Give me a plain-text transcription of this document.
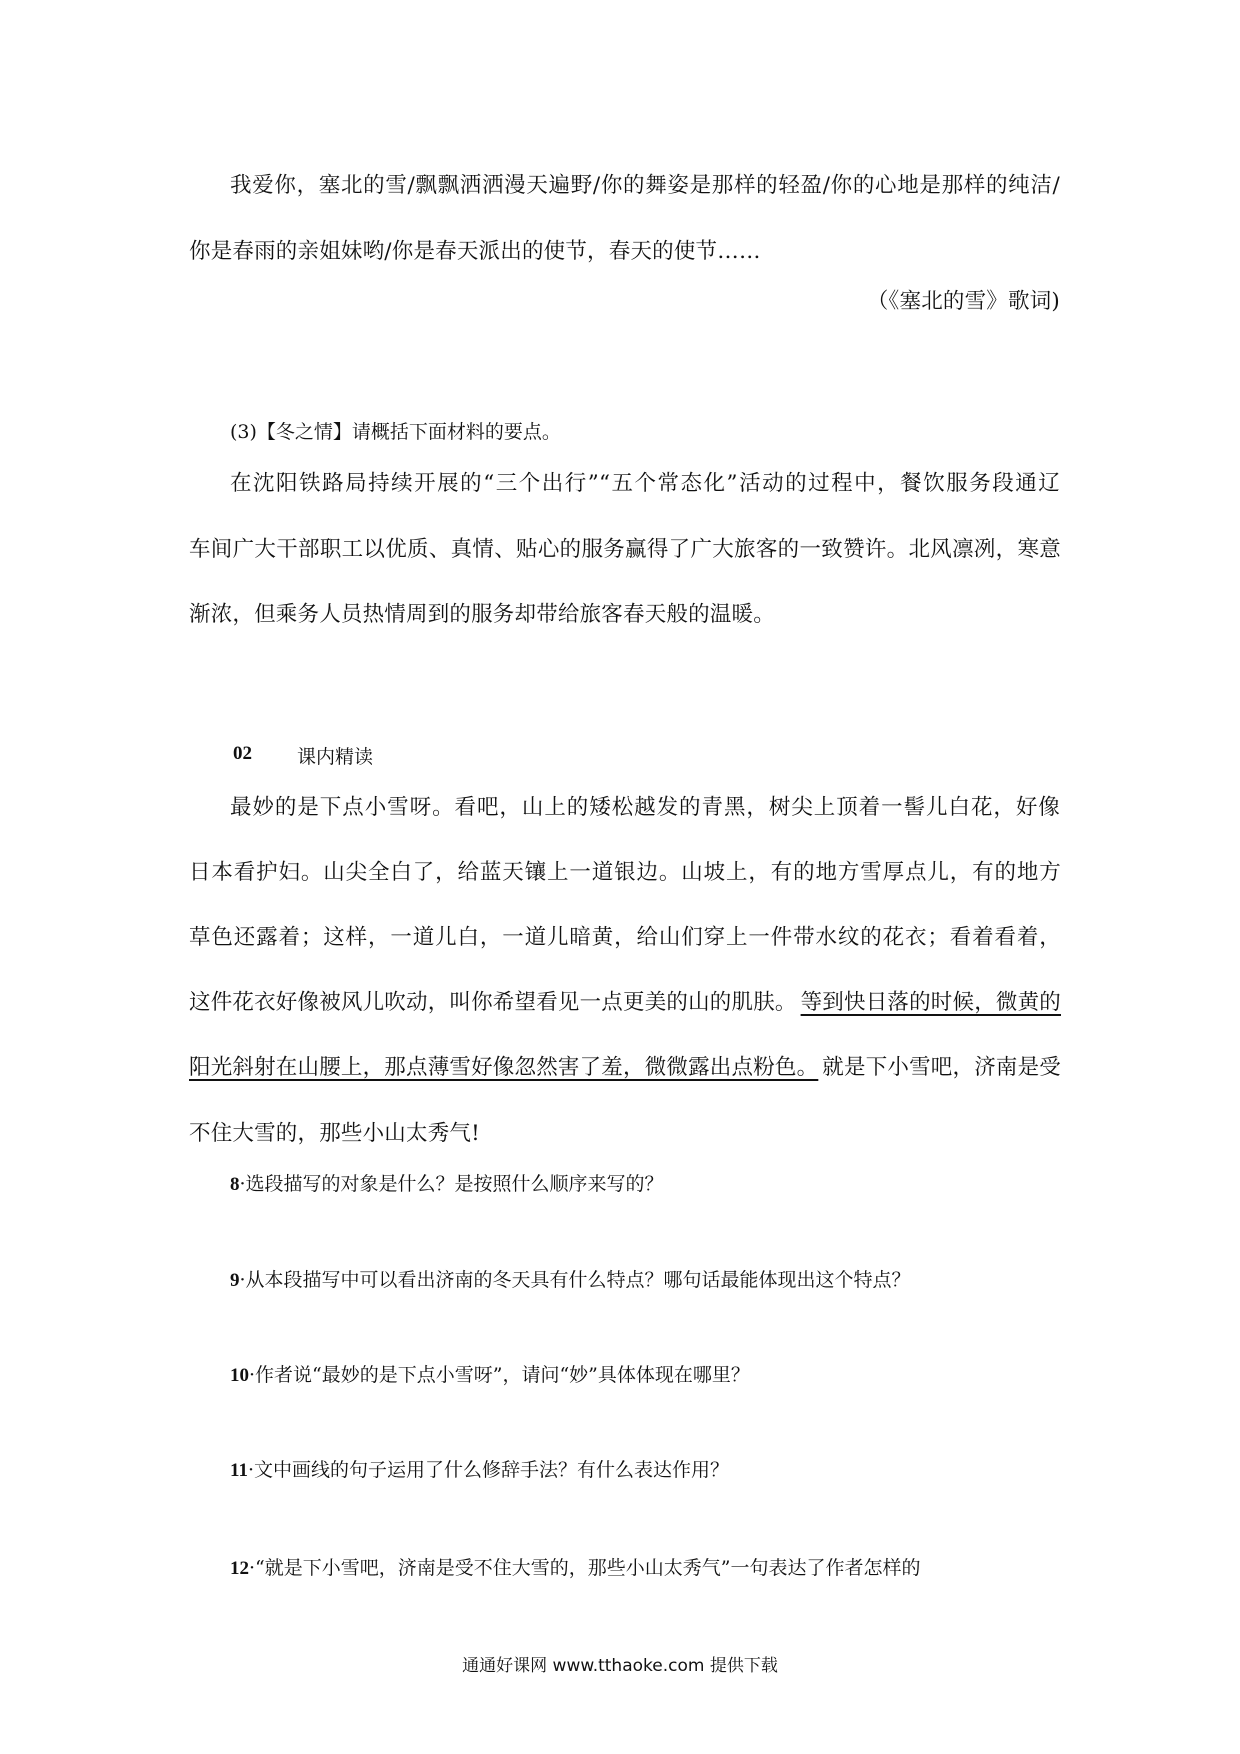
我爱你，塞北的雪/飘飘洒洒漫天遍野/你的舞姿是那样的轻盈/你的心地是那样的纯洁/
你是春雨的亲姐妹哟/你是春天派出的使节，春天的使节……
（《塞北的雪》歌词)
(3)【冬之情】请概括下面材料的要点。
在沈阳铁路局持续开展的“三个出行”“五个常态化”活动的过程中，餐饮服务段通辽
车间广大干部职工以优质、真情、贴心的服务赢得了广大旅客的一致赞许。北风凛冽，寒意
渐浓，但乘务人员热情周到的服务却带给旅客春天般的温暖。
02 课内精读
最妙的是下点小雪呀。看吧，山上的矮松越发的青黑，树尖上顶着一髻儿白花，好像
日本看护妇。山尖全白了，给蓝天镶上一道银边。山坡上，有的地方雪厚点儿，有的地方
草色还露着；这样，一道儿白，一道儿暗黄，给山们穿上一件带水纹的花衣；看着看着，
这件花衣好像被风儿吹动，叫你希望看见一点更美的山的肌肤。 等到快日落的时候，微黄的
阳光斜射在山腰上，那点薄雪好像忽然害了羞，微微露出点粉色。 就是下小雪吧，济南是受
不住大雪的，那些小山太秀气!
8·选段描写的对象是什么？是按照什么顺序来写的？
9·从本段描写中可以看出济南的冬天具有什么特点？哪句话最能体现出这个特点？
10·作者说“最妙的是下点小雪呀”，请问“妙”具体体现在哪里？
11·文中画线的句子运用了什么修辞手法？有什么表达作用？
12·“就是下小雪吧，济南是受不住大雪的，那些小山太秀气”一句表达了作者怎样的
通通好课网 www.tthaoke.com 提供下载
